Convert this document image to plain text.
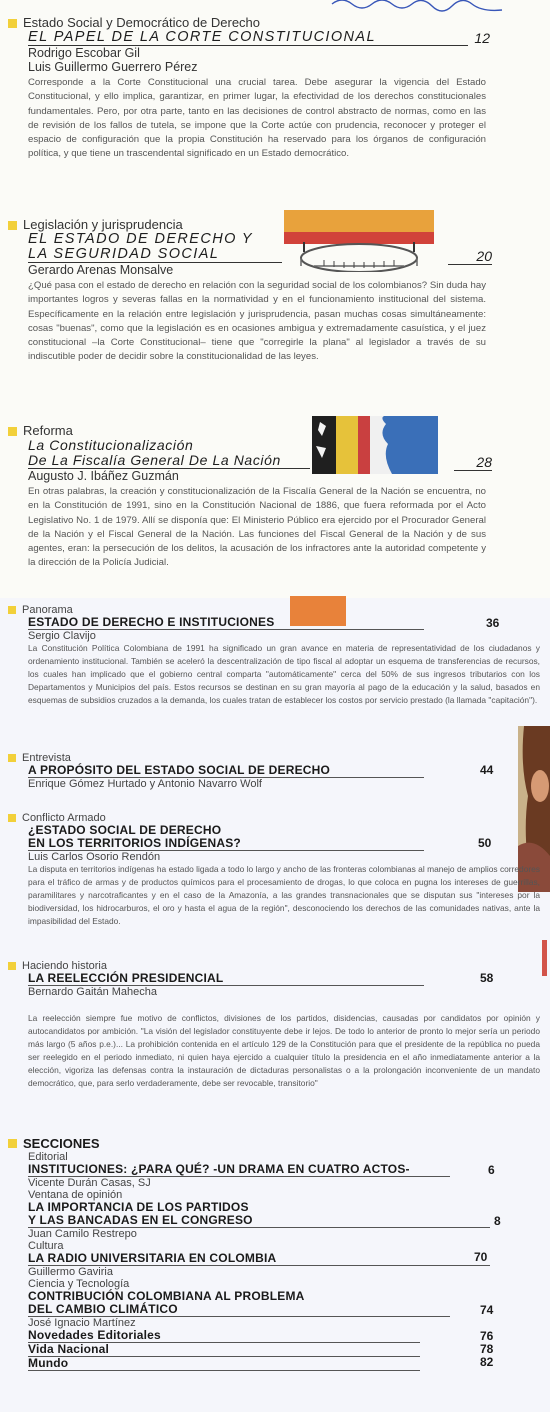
Estado Social y Democrático de Derecho
EL PAPEL DE LA CORTE CONSTITUCIONAL	12
Rodrigo Escobar Gil
Luis Guillermo Guerrero Pérez
Corresponde a la Corte Constitucional una crucial tarea. Debe asegurar la vigencia del Estado Constitucional, y ello implica, garantizar, en primer lugar, la efectividad de los derechos constitucionales fundamentales. Pero, por otra parte, tanto en las decisiones de control abstracto de normas, como en las de revisión de los fallos de tutela, se impone que la Corte actúe con prudencia, reconocer y proteger el espacio de configuración que la propia Constitución ha reservado para los órganos de configuración política, y que tiene un trascendental significado en un Estado democrático.
Legislación y jurisprudencia
EL ESTADO DE DERECHO Y
LA SEGURIDAD SOCIAL	20
Gerardo Arenas Monsalve
¿Qué pasa con el estado de derecho en relación con la seguridad social de los colombianos? Sin duda hay importantes logros y severas fallas en la normatividad y en el funcionamiento institucional del sistema. Específicamente en la relación entre legislación y jurisprudencia, pasan muchas cosas simultáneamente: cosas "buenas", como que la legislación es en ocasiones ambigua y extremadamente casuística, y el juez constitucional –la Corte Constitucional– tiene que "corregirle la plana" al legislador a través de su indiscutible poder de decidir sobre la constitucionalidad de las leyes.
Reforma
La Constitucionalización
De La Fiscalía General De La Nación	28
Augusto J. Ibáñez Guzmán
En otras palabras, la creación y constitucionalización de la Fiscalía General de la Nación se encuentra, no en la Constitución de 1991, sino en la Constitución Nacional de 1886, que fuera reformada por el Acto Legislativo No. 1 de 1979. Allí se disponía que: El Ministerio Público era ejercido por el Procurador General de la Nación y el Fiscal General de la Nación. Las funciones del Fiscal General de la Nación y de sus agentes, eran: la persecución de los delitos, la acusación de los infractores ante la autoridad competente y la dirección de la Policía Judicial.
Panorama
ESTADO DE DERECHO E INSTITUCIONES	36
Sergio Clavijo
La Constitución Política Colombiana de 1991 ha significado un gran avance en materia de representatividad de los ciudadanos y ordenamiento institucional. También se aceleró la descentralización de tipo fiscal al adoptar un esquema de transferencias de recursos, los cuales han implicado que el gobierno central comparta "automáticamente" cerca del 50% de sus ingresos tributarios con los Departamentos y Municipios del país. Estos recursos se destinan en su gran mayoría al pago de la educación y la salud, basados en esquemas de subsidios cruzados a la demanda, los cuales tratan de establecer los costos por servicio prestado (la llamada "capitación").
Entrevista
A PROPÓSITO DEL ESTADO SOCIAL DE DERECHO	44
Enrique Gómez Hurtado y Antonio Navarro Wolf
Conflicto Armado
¿ESTADO SOCIAL DE DERECHO
EN LOS TERRITORIOS INDÍGENAS?	50
Luis Carlos Osorio Rendón
La disputa en territorios indígenas ha estado ligada a todo lo largo y ancho de las fronteras colombianas al manejo de amplios corredores para el tráfico de armas y de productos químicos para el procesamiento de drogas, lo que coloca en pugna los intereses de guerrillas, paramilitares y narcotraficantes y en el caso de la Amazonía, a las grandes transnacionales que se disputan sus "intereses por la biodiversidad, los hidrocarburos, el oro y hasta el agua de la región", desconociendo los derechos de las comunidades nativas, ante la impasibilidad del Estado.
Haciendo historia
LA REELECCIÓN PRESIDENCIAL	58
Bernardo Gaitán Mahecha
La reelección siempre fue motivo de conflictos, divisiones de los partidos, disidencias, causadas por candidatos por opinión y autocandidatos por ambición. "La visión del legislador constituyente debe ir lejos. De todo lo anterior de pronto lo mejor sería un periodo más largo (5 años p.e.)... La prohibición contenida en el artículo 129 de la Constitución para que el presidente de la república no pueda ser reelegido en el periodo inmediato, ni quien haya ejercido a cualquier título la presidencia en el año inmediatamente anterior a la elección, vigoriza las defensas contra la instauración de dictaduras personalistas o a la prolongación inconveniente de un mandato democrático, que, para serlo verdaderamente, debe ser revocable, transitorio"
SECCIONES
Editorial
INSTITUCIONES: ¿PARA QUÉ? -UN DRAMA EN CUATRO ACTOS-	6
Vicente Durán Casas, SJ
Ventana de opinión
LA IMPORTANCIA DE LOS PARTIDOS
Y LAS BANCADAS EN EL CONGRESO	8
Juan Camilo Restrepo
Cultura
LA RADIO UNIVERSITARIA EN COLOMBIA	70
Guillermo Gaviria
Ciencia y Tecnología
CONTRIBUCIÓN COLOMBIANA AL PROBLEMA
DEL CAMBIO CLIMÁTICO	74
José Ignacio Martínez
Novedades Editoriales	76
Vida Nacional	78
Mundo	82
